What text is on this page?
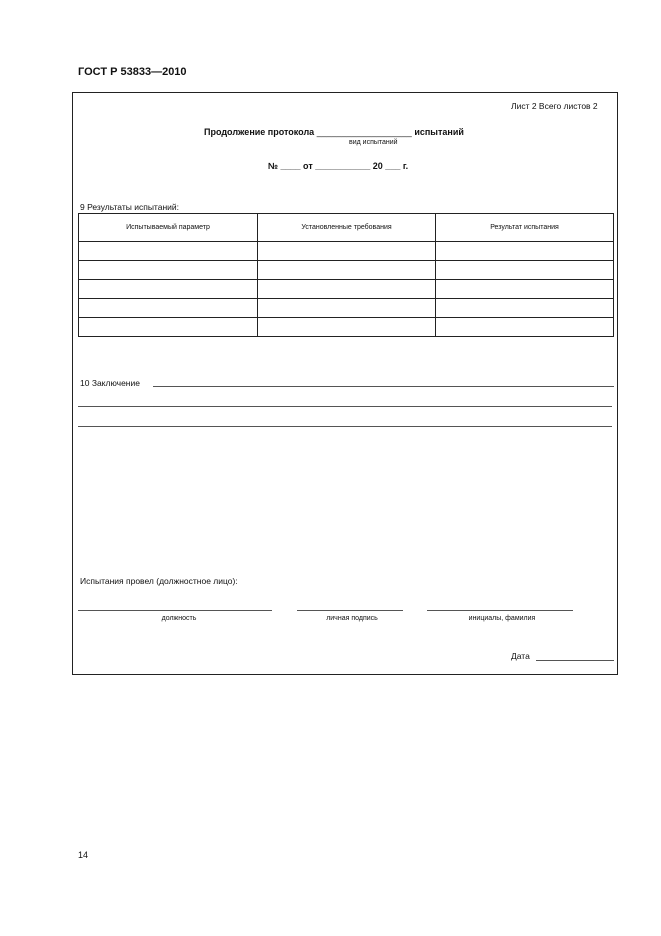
ГОСТ Р 53833—2010
Лист 2 Всего листов 2
Продолжение протокола ___________________ испытаний
вид испытаний
№ ____ от ___________ 20 ___ г.
9 Результаты испытаний:
Испытываемый параметр	Установленные требования	Результат испытания

10 Заключение
Испытания провел (должностное лицо):
должность	личная подпись	инициалы, фамилия
Дата
14
